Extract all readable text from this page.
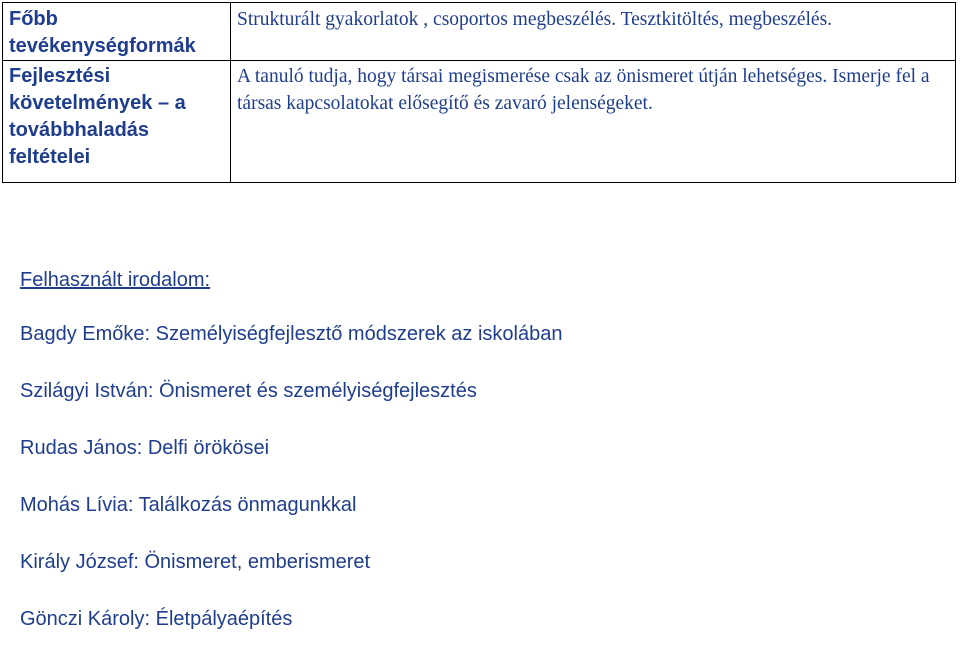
Főbb tevékenységformák	Strukturált gyakorlatok , csoportos megbeszélés. Tesztkitöltés, megbeszélés.
Fejlesztési követelmények – a továbbhaladás feltételei	A tanuló tudja, hogy társai megismerése csak az önismeret útján lehetséges. Ismerje fel a társas kapcsolatokat elősegítő és zavaró jelenségeket.
Felhasznált irodalom:
Bagdy Emőke: Személyiségfejlesztő módszerek az iskolában
Szilágyi István: Önismeret és személyiségfejlesztés
Rudas János: Delfi örökösei
Mohás Lívia: Találkozás önmagunkkal
Király József: Önismeret, emberismeret
Gönczi Károly: Életpályaépítés
